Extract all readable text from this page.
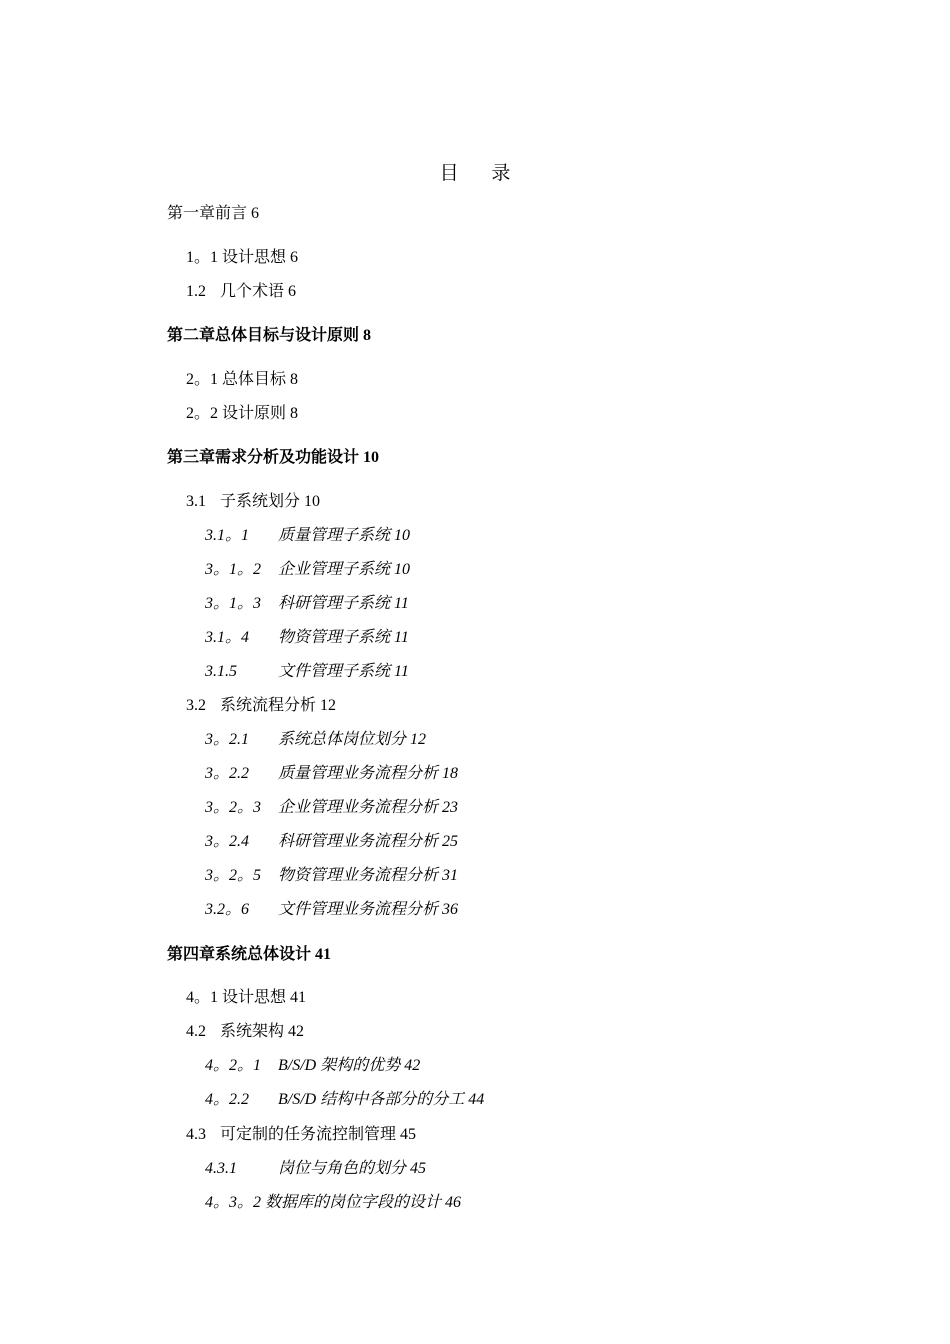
目 录
第一章前言 6
1。1 设计思想 6
1.2 几个术语 6
第二章总体目标与设计原则 8
2。1 总体目标 8
2。2 设计原则 8
第三章需求分析及功能设计 10
3.1 子系统划分 10
3.1。1 质量管理子系统 10
3。1。2 企业管理子系统 10
3。1。3 科研管理子系统 11
3.1。4 物资管理子系统 11
3.1.5	文件管理子系统 11
3.2 系统流程分析 12
3。2.1 系统总体岗位划分 12
3。2.2 质量管理业务流程分析 18
3。2。3 企业管理业务流程分析 23
3。2.4 科研管理业务流程分析 25
3。2。5 物资管理业务流程分析 31
3.2。6 文件管理业务流程分析 36
第四章系统总体设计 41
4。1 设计思想 41
4.2 系统架构 42
4。2。1 B/S/D 架构的优势 42
4。2.2 B/S/D 结构中各部分的分工 44
4.3 可定制的任务流控制管理 45
4.3.1	岗位与角色的划分 45
4。3。2 数据库的岗位字段的设计 46
